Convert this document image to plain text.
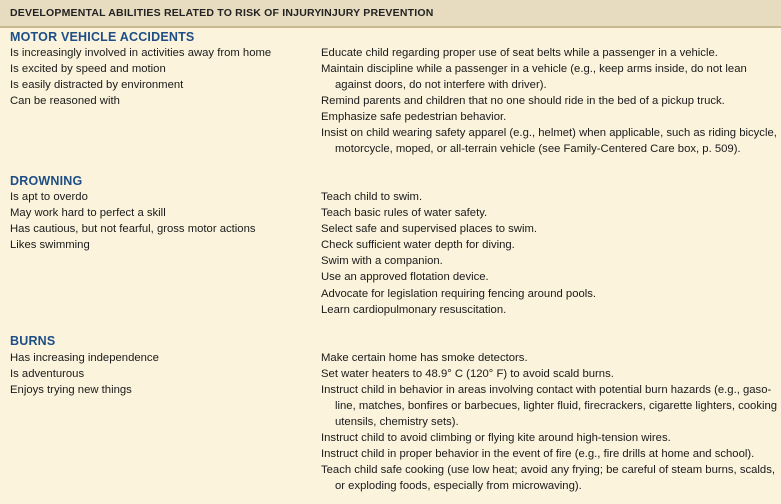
DEVELOPMENTAL ABILITIES RELATED TO RISK OF INJURY INJURY PREVENTION
MOTOR VEHICLE ACCIDENTS
Is increasingly involved in activities away from home
Is excited by speed and motion
Is easily distracted by environment
Can be reasoned with
Educate child regarding proper use of seat belts while a passenger in a vehicle.
Maintain discipline while a passenger in a vehicle (e.g., keep arms inside, do not lean
against doors, do not interfere with driver).
Remind parents and children that no one should ride in the bed of a pickup truck.
Emphasize safe pedestrian behavior.
Insist on child wearing safety apparel (e.g., helmet) when applicable, such as riding bicycle,
motorcycle, moped, or all-terrain vehicle (see Family-Centered Care box, p. 509).
DROWNING
Is apt to overdo
May work hard to perfect a skill
Has cautious, but not fearful, gross motor actions
Likes swimming
Teach child to swim.
Teach basic rules of water safety.
Select safe and supervised places to swim.
Check sufficient water depth for diving.
Swim with a companion.
Use an approved flotation device.
Advocate for legislation requiring fencing around pools.
Learn cardiopulmonary resuscitation.
BURNS
Has increasing independence
Is adventurous
Enjoys trying new things
Make certain home has smoke detectors.
Set water heaters to 48.9° C (120° F) to avoid scald burns.
Instruct child in behavior in areas involving contact with potential burn hazards (e.g., gaso-
line, matches, bonfires or barbecues, lighter fluid, firecrackers, cigarette lighters, cooking
utensils, chemistry sets).
Instruct child to avoid climbing or flying kite around high-tension wires.
Instruct child in proper behavior in the event of fire (e.g., fire drills at home and school).
Teach child safe cooking (use low heat; avoid any frying; be careful of steam burns, scalds,
or exploding foods, especially from microwaving).
